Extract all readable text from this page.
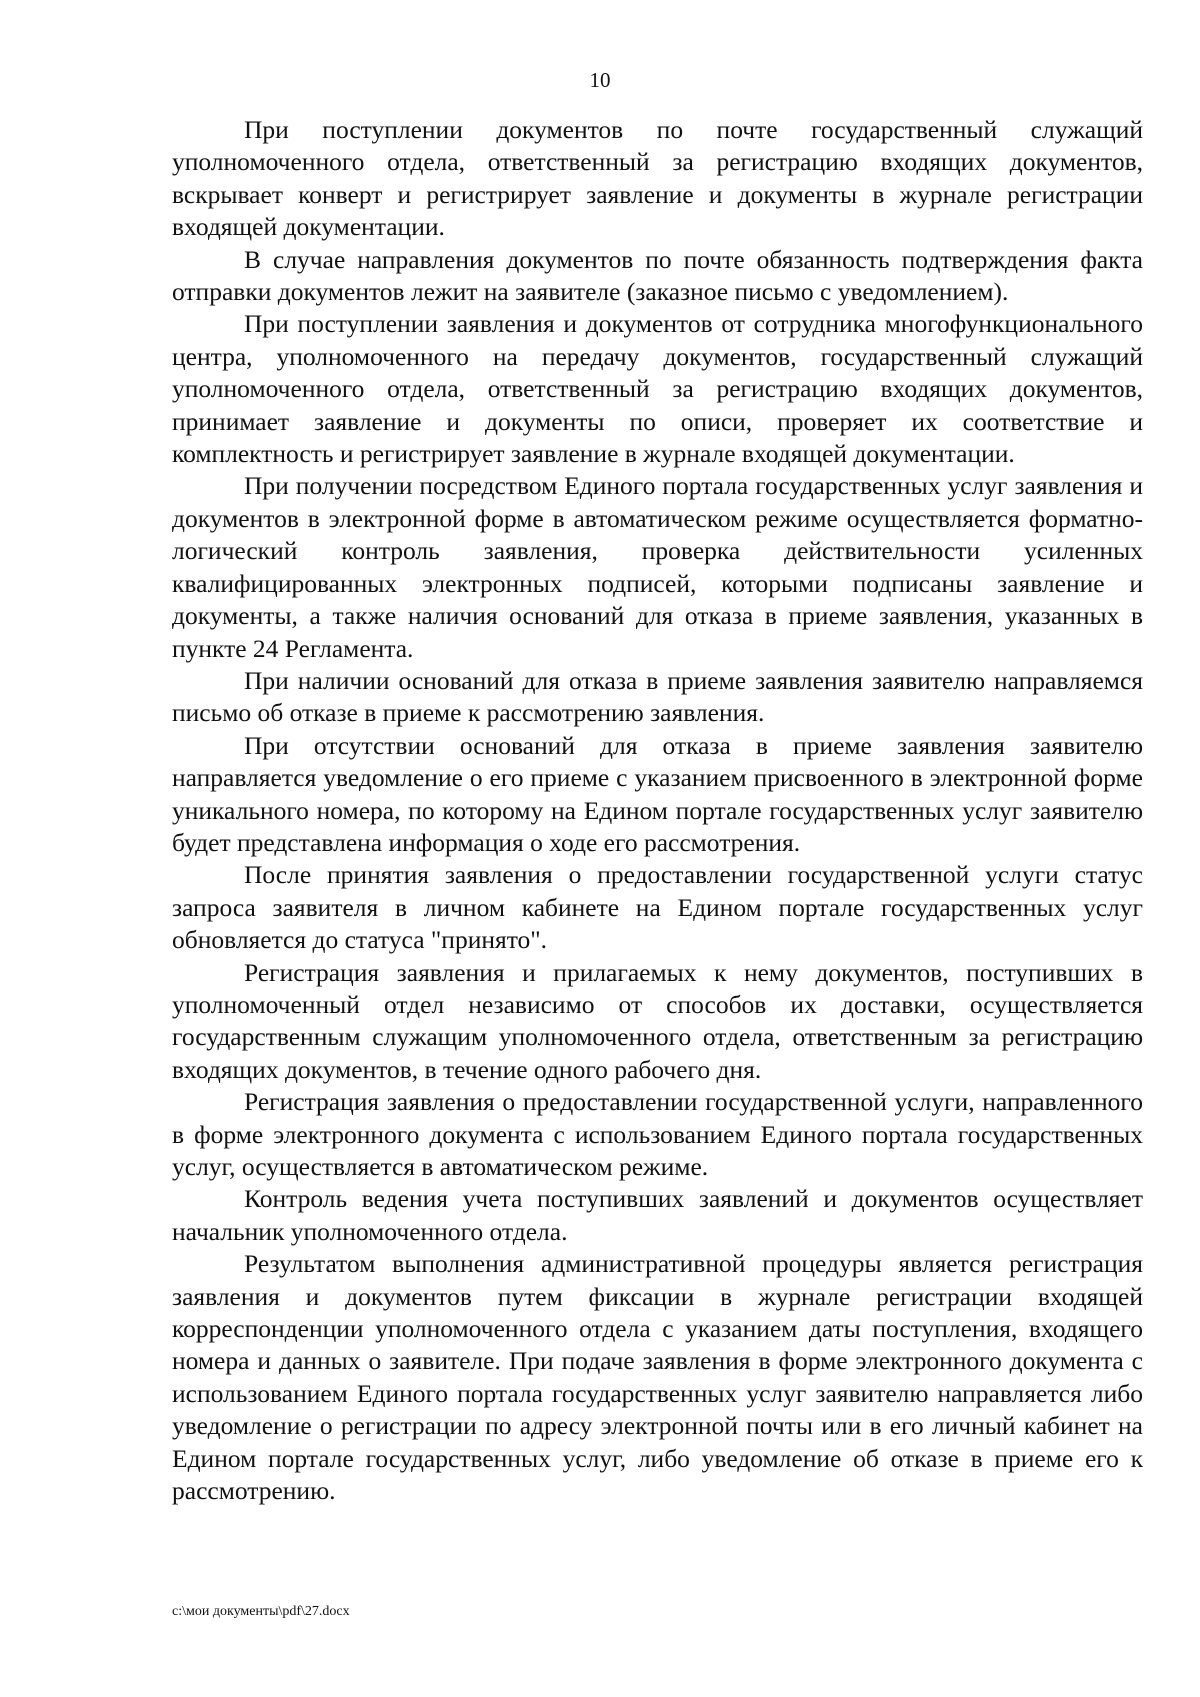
10

При поступлении документов по почте государственный служащий уполномоченного отдела, ответственный за регистрацию входящих документов, вскрывает конверт и регистрирует заявление и документы в журнале регистрации входящей документации.

В случае направления документов по почте обязанность подтверждения факта отправки документов лежит на заявителе (заказное письмо с уведомлением).

При поступлении заявления и документов от сотрудника многофункционального центра, уполномоченного на передачу документов, государственный служащий уполномоченного отдела, ответственный за регистрацию входящих документов, принимает заявление и документы по описи, проверяет их соответствие и комплектность и регистрирует заявление в журнале входящей документации.

При получении посредством Единого портала государственных услуг заявления и документов в электронной форме в автоматическом режиме осуществляется форматно-логический контроль заявления, проверка действительности усиленных квалифицированных электронных подписей, которыми подписаны заявление и документы, а также наличия оснований для отказа в приеме заявления, указанных в пункте 24 Регламента.

При наличии оснований для отказа в приеме заявления заявителю направляемся письмо об отказе в приеме к рассмотрению заявления.

При отсутствии оснований для отказа в приеме заявления заявителю направляется уведомление о его приеме с указанием присвоенного в электронной форме уникального номера, по которому на Едином портале государственных услуг заявителю будет представлена информация о ходе его рассмотрения.

После принятия заявления о предоставлении государственной услуги статус запроса заявителя в личном кабинете на Едином портале государственных услуг обновляется до статуса "принято".

Регистрация заявления и прилагаемых к нему документов, поступивших в уполномоченный отдел независимо от способов их доставки, осуществляется государственным служащим уполномоченного отдела, ответственным за регистрацию входящих документов, в течение одного рабочего дня.

Регистрация заявления о предоставлении государственной услуги, направленного в форме электронного документа с использованием Единого портала государственных услуг, осуществляется в автоматическом режиме.

Контроль ведения учета поступивших заявлений и документов осуществляет начальник уполномоченного отдела.

Результатом выполнения административной процедуры является регистрация заявления и документов путем фиксации в журнале регистрации входящей корреспонденции уполномоченного отдела с указанием даты поступления, входящего номера и данных о заявителе. При подаче заявления в форме электронного документа с использованием Единого портала государственных услуг заявителю направляется либо уведомление о регистрации по адресу электронной почты или в его личный кабинет на Едином портале государственных услуг, либо уведомление об отказе в приеме его к рассмотрению.

c:\мои документы\pdf\27.docx
